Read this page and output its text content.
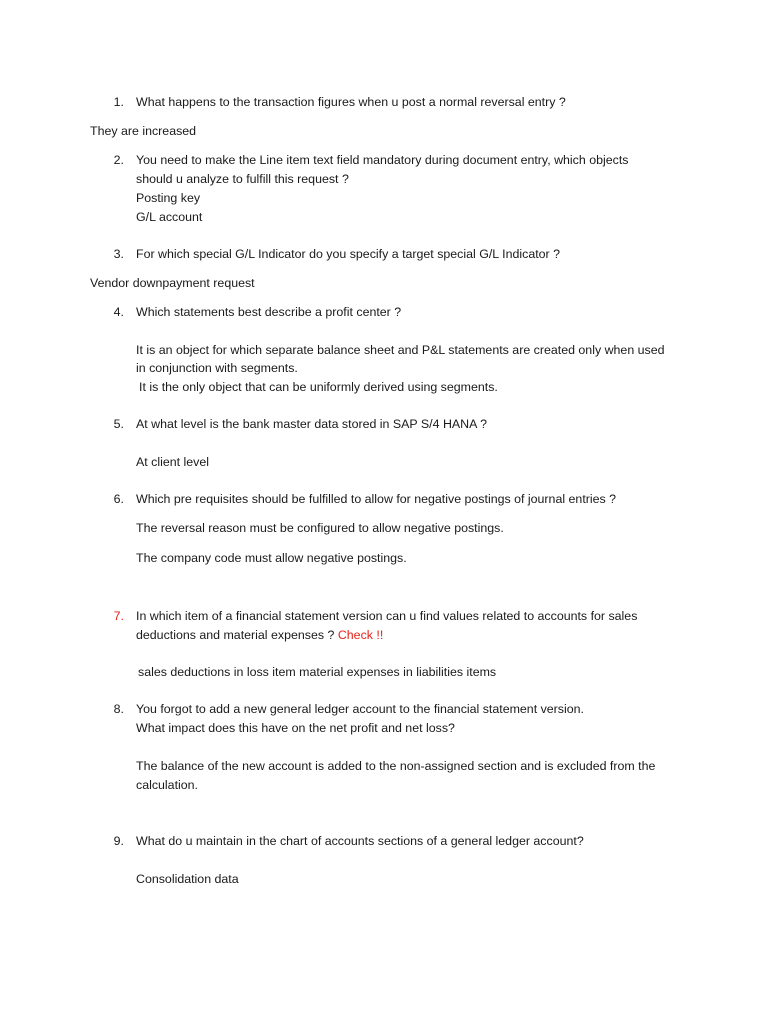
1. What happens to the transaction figures when u post a normal reversal entry ?
They are increased
2. You need to make the Line item text field mandatory during document entry, which objects
should u analyze to fulfill this request ?
Posting key
G/L account
3. For which special G/L Indicator do you specify a target special G/L Indicator ?
Vendor downpayment request
4. Which statements best describe a profit center ?
It is an object for which separate balance sheet and P&L statements are created only when used
in conjunction with segments.
It is the only object that can be uniformly derived using segments.
5. At what level is the bank master data stored in SAP S/4 HANA ?
At client level
6. Which pre requisites should be fulfilled to allow for negative postings of journal entries ?
The reversal reason must be configured to allow negative postings.
The company code must allow negative postings.
7. In which item of a financial statement version can u find values related to accounts for sales
deductions and material expenses ? Check !!
sales deductions in loss item material expenses in liabilities items
8. You forgot to add a new general ledger account to the financial statement version.
What impact does this have on the net profit and net loss?
The balance of the new account is added to the non-assigned section and is excluded from the
calculation.
9. What do u maintain in the chart of accounts sections of a general ledger account?
Consolidation data
